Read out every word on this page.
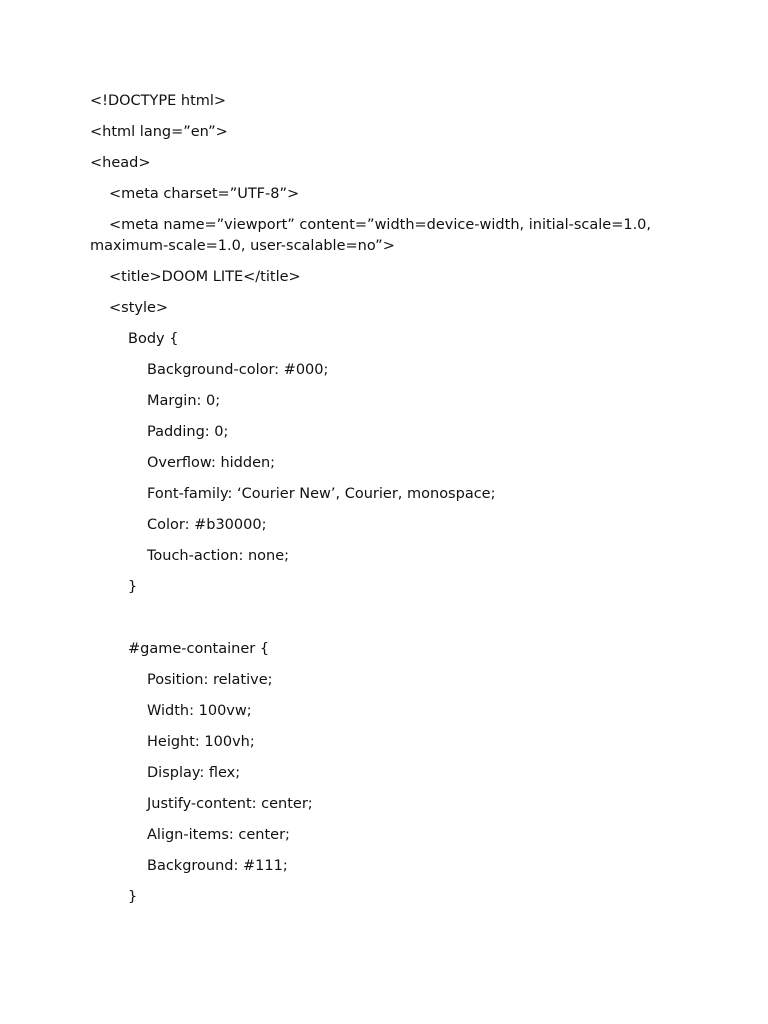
<!DOCTYPE html>

<html lang=”en”>

<head>

<meta charset=”UTF-8”>

<meta name=”viewport” content=”width=device-width, initial-scale=1.0,
maximum-scale=1.0, user-scalable=no”>

<title>DOOM LITE</title>

<style>

Body {

Background-color: #000;

Margin: 0;

Padding: 0;

Overflow: hidden;

Font-family: ‘Courier New’, Courier, monospace;

Color: #b30000;

Touch-action: none;

}

#game-container {

Position: relative;

Width: 100vw;

Height: 100vh;

Display: flex;

Justify-content: center;

Align-items: center;

Background: #111;

}
